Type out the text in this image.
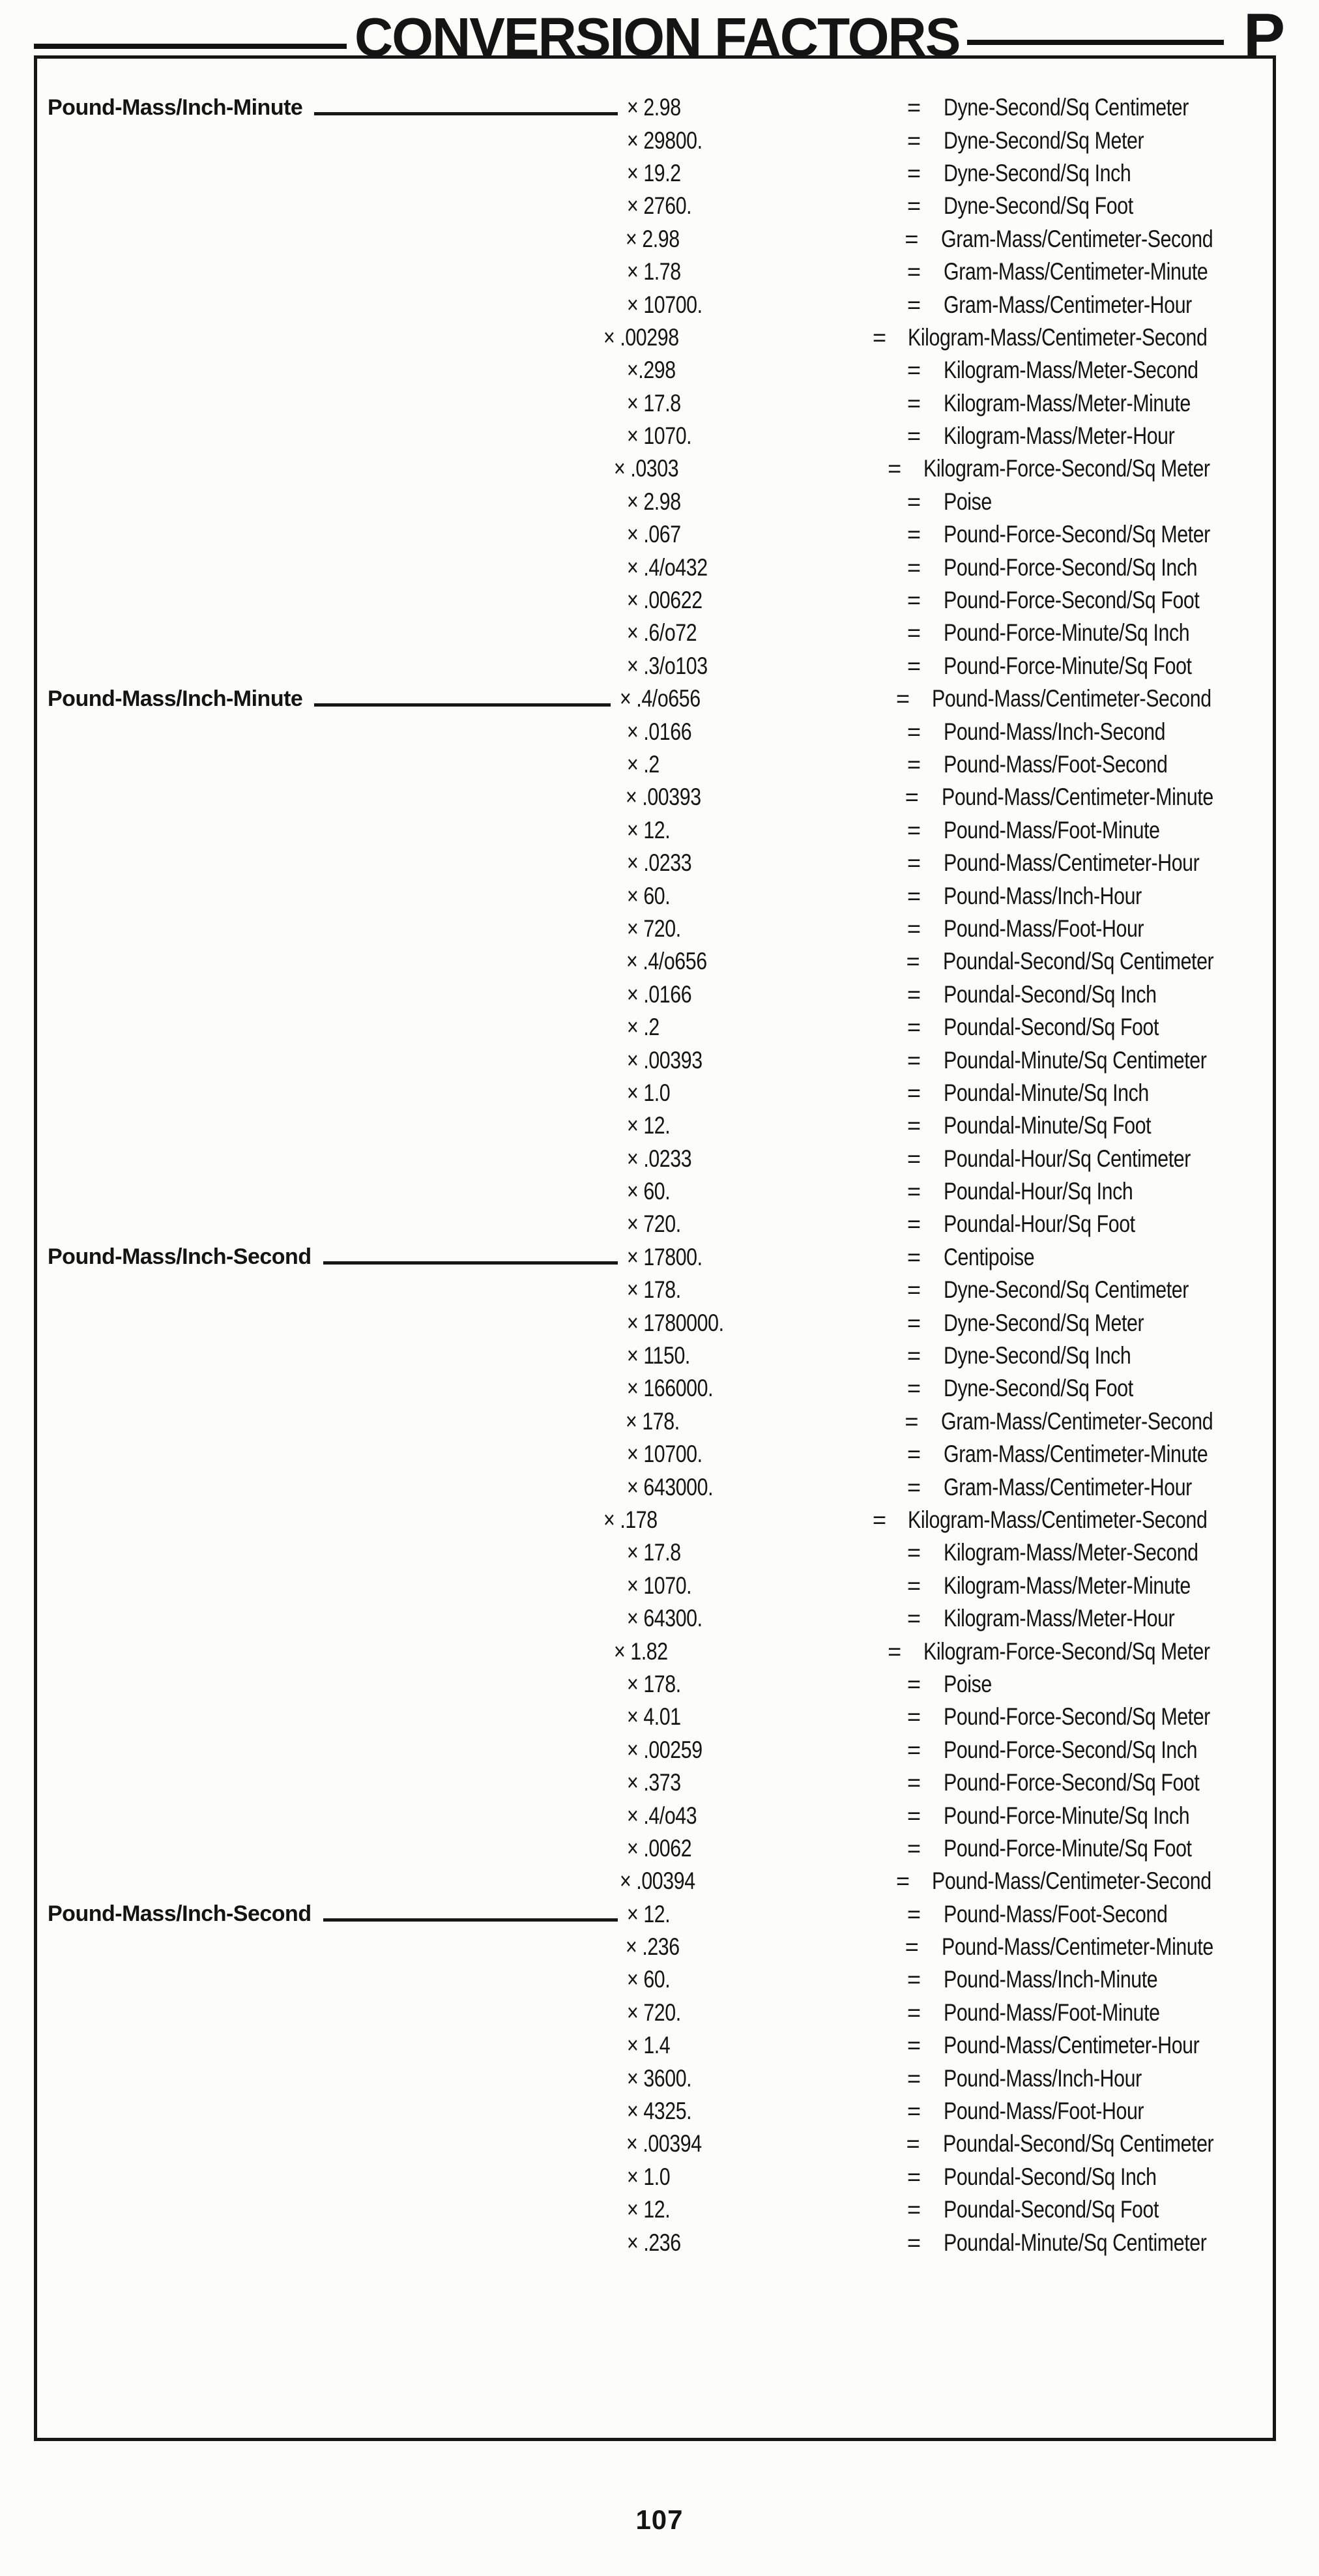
CONVERSION FACTORS	P
Pound-Mass/Inch-Minute	× 2.98	= Dyne-Second/Sq Centimeter
× 29800.	= Dyne-Second/Sq Meter
× 19.2	= Dyne-Second/Sq Inch
× 2760.	= Dyne-Second/Sq Foot
× 2.98	= Gram-Mass/Centimeter-Second
× 1.78	= Gram-Mass/Centimeter-Minute
× 10700.	= Gram-Mass/Centimeter-Hour
× .00298	= Kilogram-Mass/Centimeter-Second
×.298	= Kilogram-Mass/Meter-Second
× 17.8	= Kilogram-Mass/Meter-Minute
× 1070.	= Kilogram-Mass/Meter-Hour
× .0303	= Kilogram-Force-Second/Sq Meter
× 2.98	= Poise
× .067	= Pound-Force-Second/Sq Meter
× .4/o432	= Pound-Force-Second/Sq Inch
× .00622	= Pound-Force-Second/Sq Foot
× .6/o72	= Pound-Force-Minute/Sq Inch
× .3/o103	= Pound-Force-Minute/Sq Foot
Pound-Mass/Inch-Minute	× .4/o656	= Pound-Mass/Centimeter-Second
× .0166	= Pound-Mass/Inch-Second
× .2	= Pound-Mass/Foot-Second
× .00393	= Pound-Mass/Centimeter-Minute
× 12.	= Pound-Mass/Foot-Minute
× .0233	= Pound-Mass/Centimeter-Hour
× 60.	= Pound-Mass/Inch-Hour
× 720.	= Pound-Mass/Foot-Hour
× .4/o656	= Poundal-Second/Sq Centimeter
× .0166	= Poundal-Second/Sq Inch
× .2	= Poundal-Second/Sq Foot
× .00393	= Poundal-Minute/Sq Centimeter
× 1.0	= Poundal-Minute/Sq Inch
× 12.	= Poundal-Minute/Sq Foot
× .0233	= Poundal-Hour/Sq Centimeter
× 60.	= Poundal-Hour/Sq Inch
× 720.	= Poundal-Hour/Sq Foot
Pound-Mass/Inch-Second	× 17800.	= Centipoise
× 178.	= Dyne-Second/Sq Centimeter
× 1780000.	= Dyne-Second/Sq Meter
× 1150.	= Dyne-Second/Sq Inch
× 166000.	= Dyne-Second/Sq Foot
× 178.	= Gram-Mass/Centimeter-Second
× 10700.	= Gram-Mass/Centimeter-Minute
× 643000.	= Gram-Mass/Centimeter-Hour
× .178	= Kilogram-Mass/Centimeter-Second
× 17.8	= Kilogram-Mass/Meter-Second
× 1070.	= Kilogram-Mass/Meter-Minute
× 64300.	= Kilogram-Mass/Meter-Hour
× 1.82	= Kilogram-Force-Second/Sq Meter
× 178.	= Poise
× 4.01	= Pound-Force-Second/Sq Meter
× .00259	= Pound-Force-Second/Sq Inch
× .373	= Pound-Force-Second/Sq Foot
× .4/o43	= Pound-Force-Minute/Sq Inch
× .0062	= Pound-Force-Minute/Sq Foot
× .00394	= Pound-Mass/Centimeter-Second
Pound-Mass/Inch-Second	× 12.	= Pound-Mass/Foot-Second
× .236	= Pound-Mass/Centimeter-Minute
× 60.	= Pound-Mass/Inch-Minute
× 720.	= Pound-Mass/Foot-Minute
× 1.4	= Pound-Mass/Centimeter-Hour
× 3600.	= Pound-Mass/Inch-Hour
× 4325.	= Pound-Mass/Foot-Hour
× .00394	= Poundal-Second/Sq Centimeter
× 1.0	= Poundal-Second/Sq Inch
× 12.	= Poundal-Second/Sq Foot
× .236	= Poundal-Minute/Sq Centimeter
107
